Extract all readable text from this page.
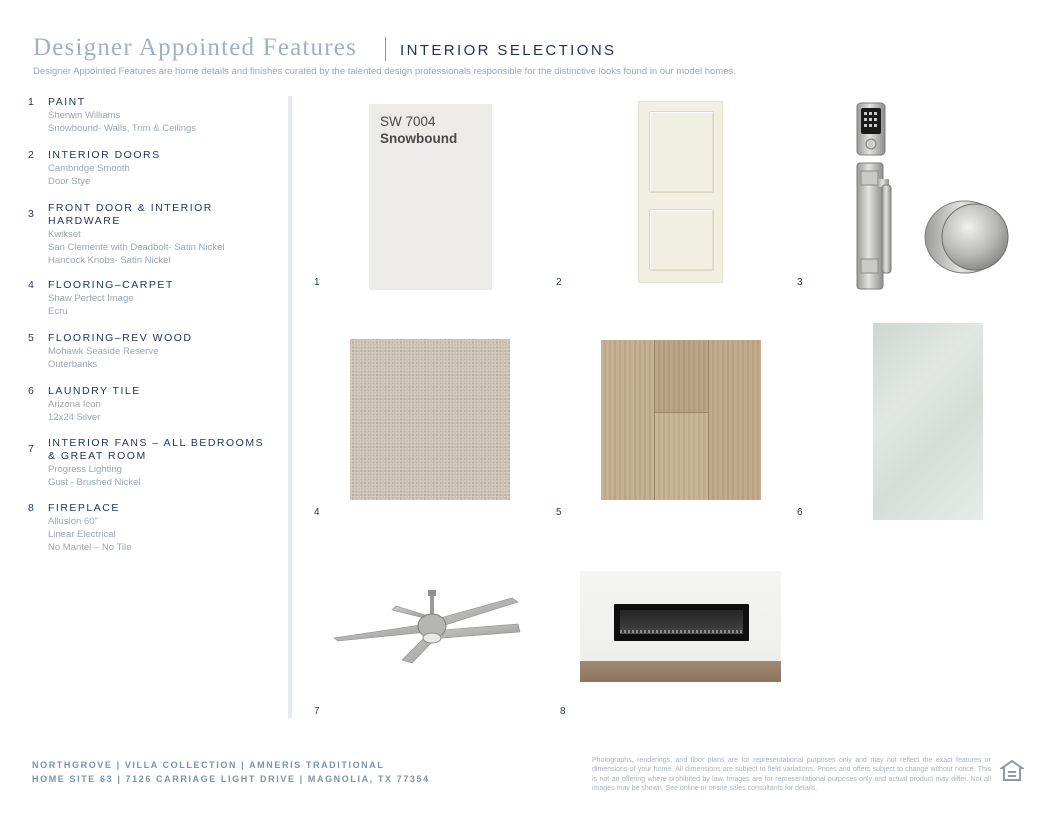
Designer Appointed Features	INTERIOR SELECTIONS
Designer Appointed Features are home details and finishes curated by the talented design professionals responsible for the distinctive looks found in our model homes.
1 PAINT
Sherwin Williams
Snowbound- Walls, Trim & Ceilings
2 INTERIOR DOORS
Cambridge Smooth
Door Stye
3 FRONT DOOR & INTERIOR HARDWARE
Kwikset
San Clemente with Deadbolt- Satin Nickel
Hancock Knobs- Satin Nickel
4 FLOORING–CARPET
Shaw Perfect Image
Ecru
5 FLOORING–REV WOOD
Mohawk Seaside Reserve
Outerbanks
6 LAUNDRY TILE
Arizona Icon
12x24 Silver
7 INTERIOR FANS – ALL BEDROOMS & GREAT ROOM
Progress Lighting
Gust - Brushed Nickel
8 FIREPLACE
Allusion 60"
Linear Electrical
No Mantel – No Tile
SW 7004
Snowbound
1	2	3
4	5	6
7	8
NORTHGROVE | VILLA COLLECTION | AMNERIS TRADITIONAL
HOME SITE 63 | 7126 CARRIAGE LIGHT DRIVE | MAGNOLIA, TX 77354
Photographs, renderings, and floor plans are for representational purposes only and may not reflect the exact features or dimensions of your home. All dimensions are subject to field variations. Prices and offers subject to change without notice. This is not an offering where prohibited by law. Images are for representational purposes only and actual product may differ. Not all images may be shown. See online or onsite sales consultants for details.
